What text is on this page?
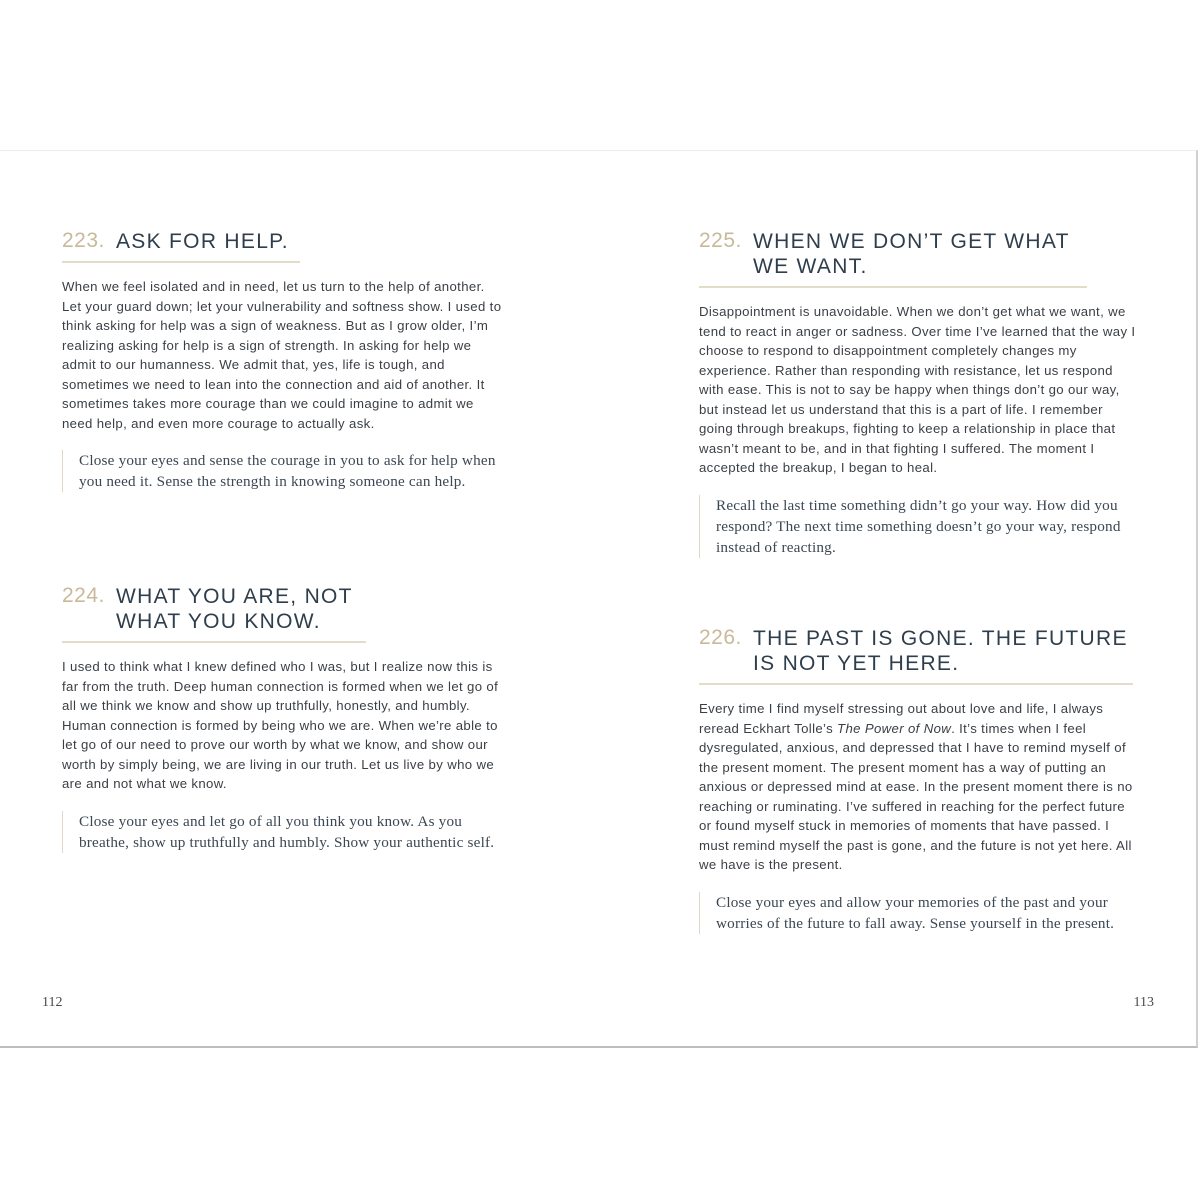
223. ASK FOR HELP.

When we feel isolated and in need, let us turn to the help of another. Let your guard down; let your vulnerability and softness show. I used to think asking for help was a sign of weakness. But as I grow older, I’m realizing asking for help is a sign of strength. In asking for help we admit to our humanness. We admit that, yes, life is tough, and sometimes we need to lean into the connection and aid of another. It sometimes takes more courage than we could imagine to admit we need help, and even more courage to actually ask.

Close your eyes and sense the courage in you to ask for help when you need it. Sense the strength in knowing someone can help.

224. WHAT YOU ARE, NOT WHAT YOU KNOW.

I used to think what I knew defined who I was, but I realize now this is far from the truth. Deep human connection is formed when we let go of all we think we know and show up truthfully, honestly, and humbly. Human connection is formed by being who we are. When we’re able to let go of our need to prove our worth by what we know, and show our worth by simply being, we are living in our truth. Let us live by who we are and not what we know.

Close your eyes and let go of all you think you know. As you breathe, show up truthfully and humbly. Show your authentic self.

112
225. WHEN WE DON’T GET WHAT WE WANT.

Disappointment is unavoidable. When we don’t get what we want, we tend to react in anger or sadness. Over time I’ve learned that the way I choose to respond to disappointment completely changes my experience. Rather than responding with resistance, let us respond with ease. This is not to say be happy when things don’t go our way, but instead let us understand that this is a part of life. I remember going through breakups, fighting to keep a relationship in place that wasn’t meant to be, and in that fighting I suffered. The moment I accepted the breakup, I began to heal.

Recall the last time something didn’t go your way. How did you respond? The next time something doesn’t go your way, respond instead of reacting.

226. THE PAST IS GONE. THE FUTURE IS NOT YET HERE.

Every time I find myself stressing out about love and life, I always reread Eckhart Tolle’s The Power of Now. It’s times when I feel dysregulated, anxious, and depressed that I have to remind myself of the present moment. The present moment has a way of putting an anxious or depressed mind at ease. In the present moment there is no reaching or ruminating. I’ve suffered in reaching for the perfect future or found myself stuck in memories of moments that have passed. I must remind myself the past is gone, and the future is not yet here. All we have is the present.

Close your eyes and allow your memories of the past and your worries of the future to fall away. Sense yourself in the present.

113
